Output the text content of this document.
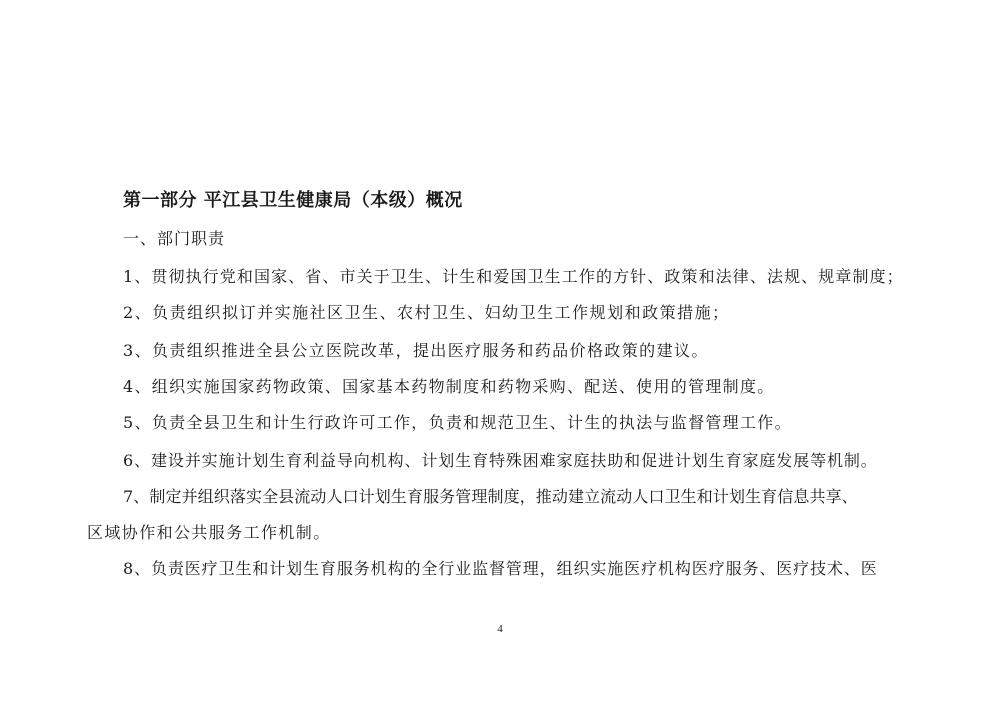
第一部分 平江县卫生健康局（本级）概况
一、部门职责
1、贯彻执行党和国家、省、市关于卫生、计生和爱国卫生工作的方针、政策和法律、法规、规章制度；
2、负责组织拟订并实施社区卫生、农村卫生、妇幼卫生工作规划和政策措施；
3、负责组织推进全县公立医院改革，提出医疗服务和药品价格政策的建议。
4、组织实施国家药物政策、国家基本药物制度和药物采购、配送、使用的管理制度。
5、负责全县卫生和计生行政许可工作，负责和规范卫生、计生的执法与监督管理工作。
6、建设并实施计划生育利益导向机构、计划生育特殊困难家庭扶助和促进计划生育家庭发展等机制。
7、制定并组织落实全县流动人口计划生育服务管理制度，推动建立流动人口卫生和计划生育信息共享、
区域协作和公共服务工作机制。
8、负责医疗卫生和计划生育服务机构的全行业监督管理，组织实施医疗机构医疗服务、医疗技术、医
4
